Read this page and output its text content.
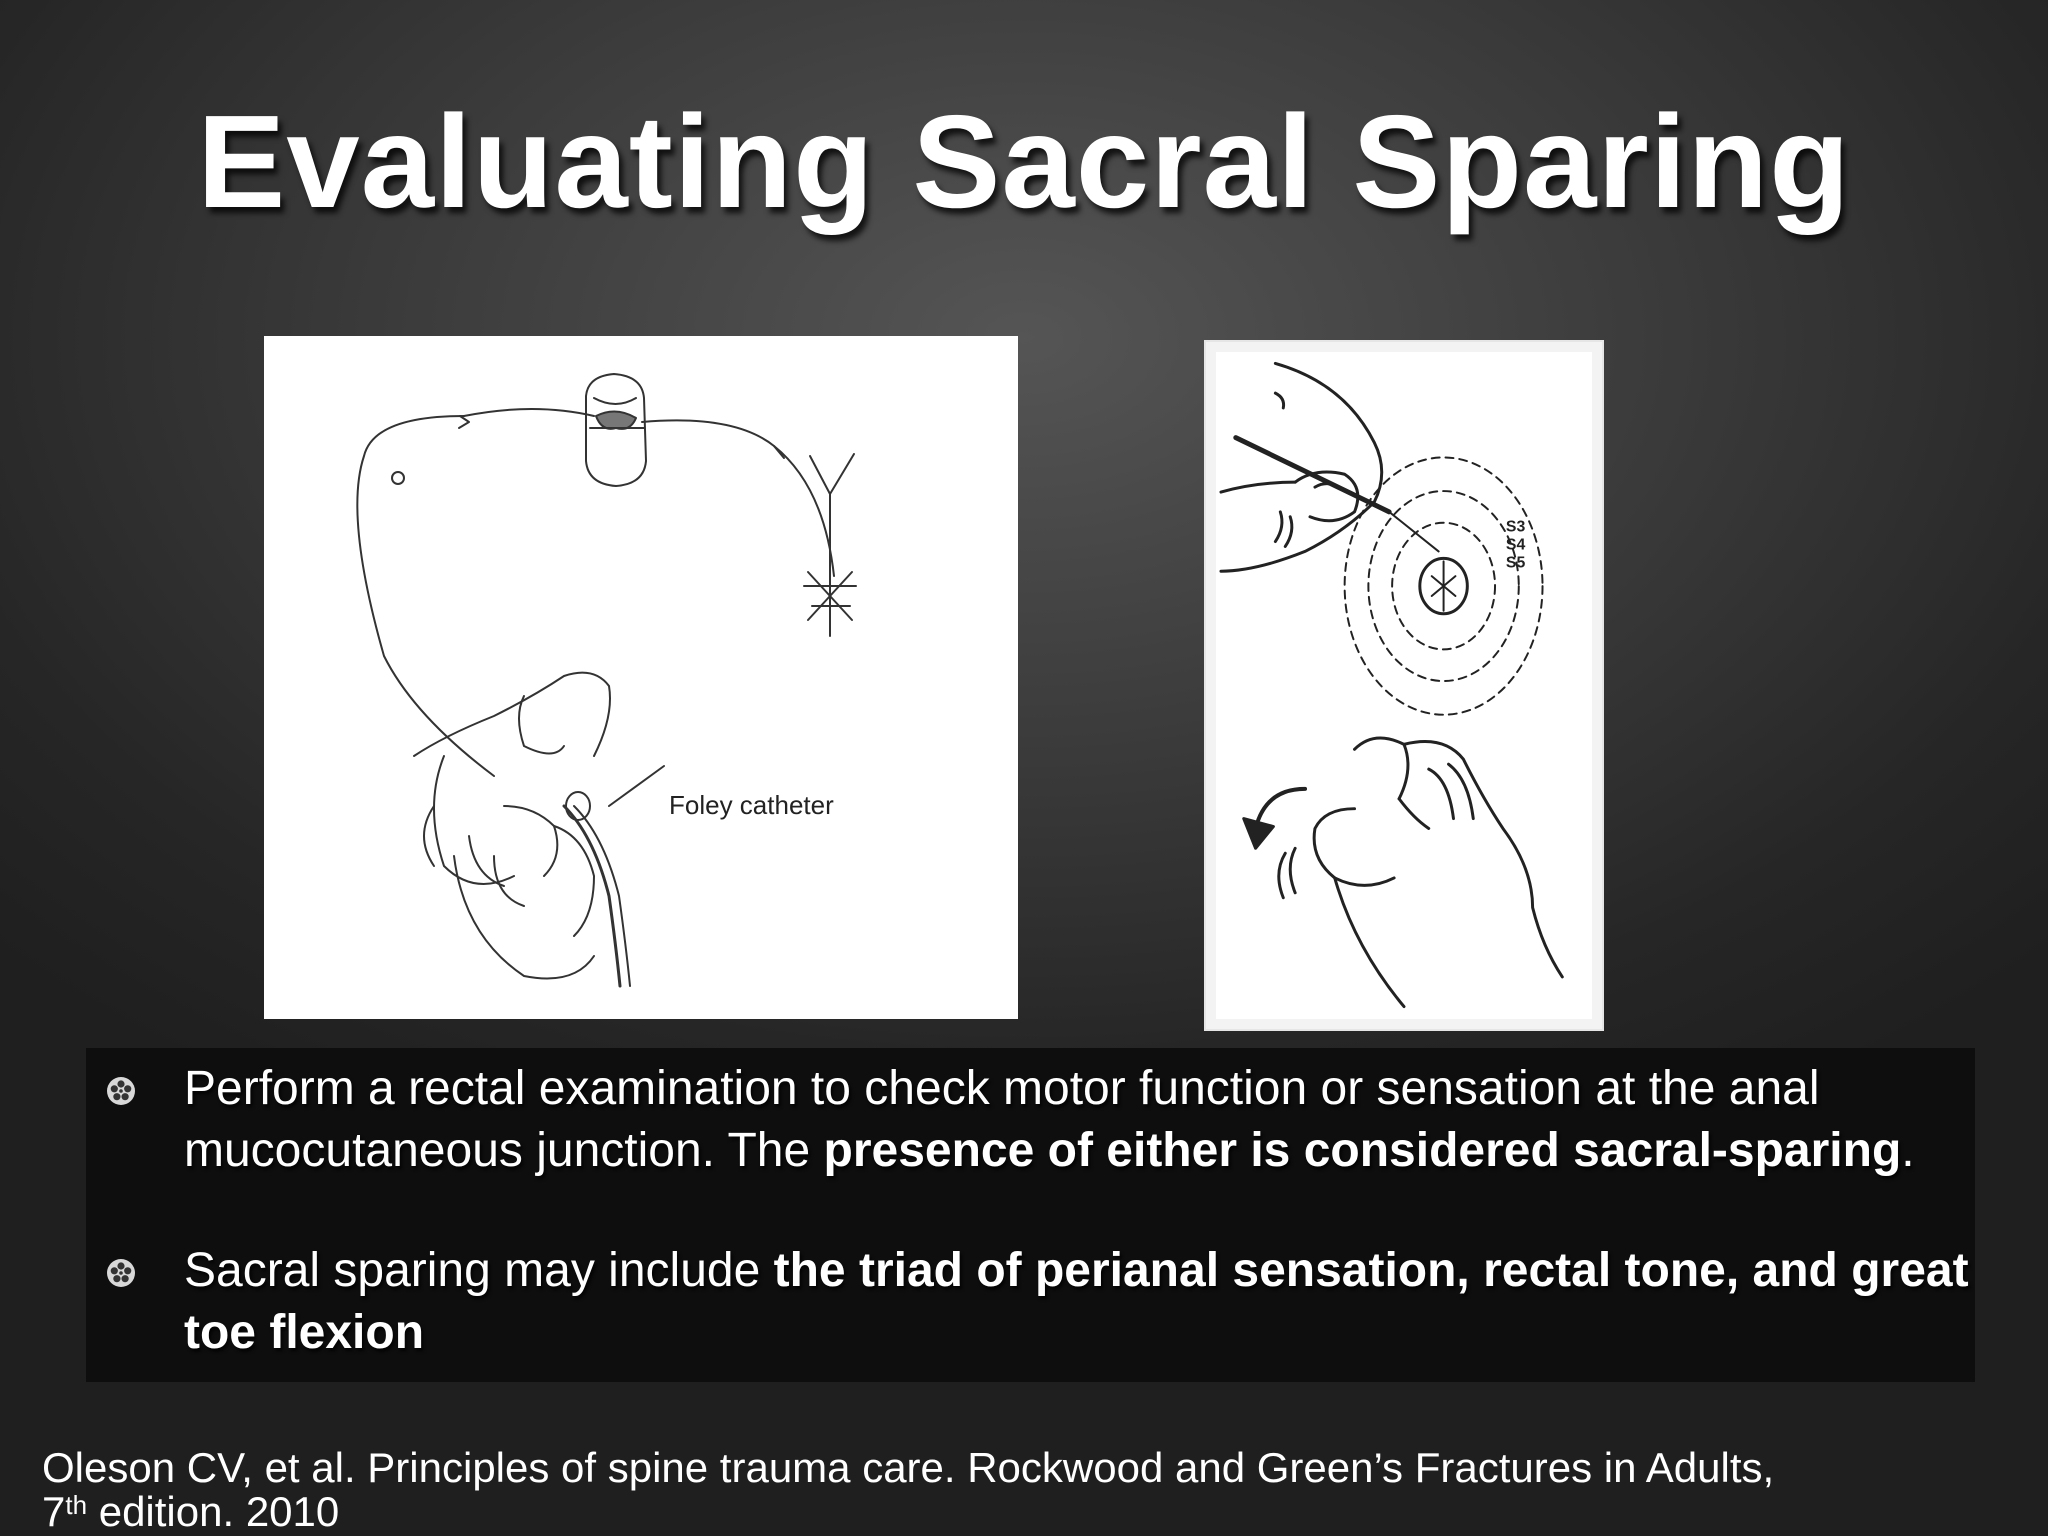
Evaluating Sacral Sparing
Foley catheter
S3
S4
S5
Perform a rectal examination to check motor function or sensation at the anal mucocutaneous junction. The presence of either is considered sacral-sparing.
Sacral sparing may include the triad of perianal sensation, rectal tone, and great toe flexion
Oleson CV, et al. Principles of spine trauma care. Rockwood and Green’s Fractures in Adults,
7th edition. 2010
